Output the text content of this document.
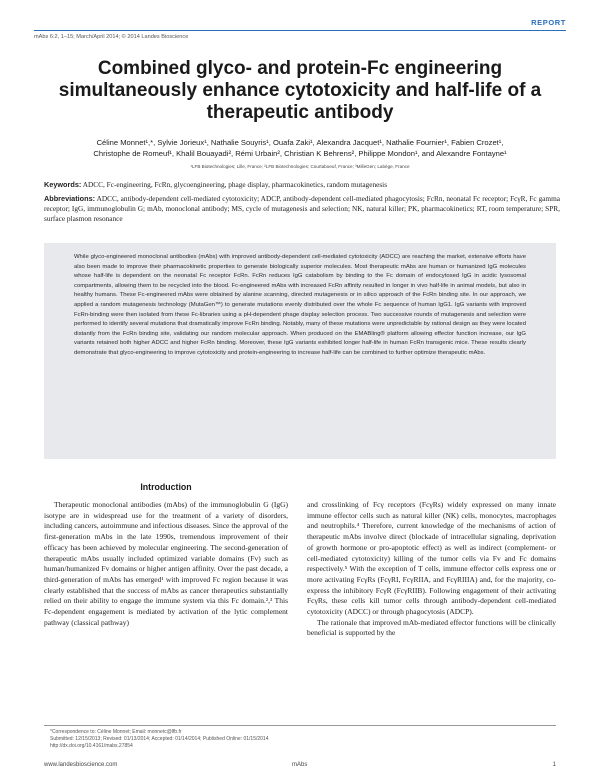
REPORT
mAbs 6:2, 1–15; March/April 2014; © 2014 Landes Bioscience
Combined glyco- and protein-Fc engineering simultaneously enhance cytotoxicity and half-life of a therapeutic antibody
Céline Monnet¹,*, Sylvie Jorieux¹, Nathalie Souyris¹, Ouafa Zaki¹, Alexandra Jacquet¹, Nathalie Fournier¹, Fabien Crozet¹,
Christophe de Romeuf¹, Khalil Bouayadi², Rémi Urbain², Christian K Behrens², Philippe Mondon¹, and Alexandre Fontayne¹
¹LFB Biotechnologies; Lille, France; ²LFB Biotechnologies; Courtaboeuf, France; ³MilleGen; Labège, France
Keywords: ADCC, Fc-engineering, FcRn, glycoengineering, phage display, pharmacokinetics, random mutagenesis
Abbreviations: ADCC, antibody-dependent cell-mediated cytotoxicity; ADCP, antibody-dependent cell-mediated phagocytosis; FcRn, neonatal Fc receptor; FcγR, Fc gamma receptor; IgG, immunoglobulin G; mAb, monoclonal antibody; MS, cycle of mutagenesis and selection; NK, natural killer; PK, pharmacokinetics; RT, room temperature; SPR, surface plasmon resonance

While glyco-engineered monoclonal antibodies (mAbs) with improved antibody-dependent cell-mediated cytotoxicity (ADCC) are reaching the market, extensive efforts have also been made to improve their pharmacokinetic properties to generate biologically superior molecules. Most therapeutic mAbs are human or humanized IgG molecules whose half-life is dependent on the neonatal Fc receptor FcRn. FcRn reduces IgG catabolism by binding to the Fc domain of endocytosed IgG in acidic lysosomal compartments, allowing them to be recycled into the blood. Fc-engineered mAbs with increased FcRn affinity resulted in longer in vivo half-life in animal models, but also in healthy humans. These Fc-engineered mAbs were obtained by alanine scanning, directed mutagenesis or in silico approach of the FcRn binding site. In our approach, we applied a random mutagenesis technology (MutaGen™) to generate mutations evenly distributed over the whole Fc sequence of human IgG1. IgG variants with improved FcRn-binding were then isolated from these Fc-libraries using a pH-dependent phage display selection process. Two successive rounds of mutagenesis and selection were performed to identify several mutations that dramatically improve FcRn binding. Notably, many of these mutations were unpredictable by rational design as they were located distantly from the FcRn binding site, validating our random molecular approach. When produced on the EMABling® platform allowing effector function increase, our IgG variants retained both higher ADCC and higher FcRn binding. Moreover, these IgG variants exhibited longer half-life in human FcRn transgenic mice. These results clearly demonstrate that glyco-engineering to improve cytotoxicity and protein-engineering to increase half-life can be combined to further optimize therapeutic mAbs.

Introduction

Therapeutic monoclonal antibodies (mAbs) of the immunoglobulin G (IgG) isotype are in widespread use for the treatment of a variety of disorders, including cancers, autoimmune and infectious diseases. Since the approval of the first-generation mAbs in the late 1990s, tremendous improvement of their efficacy has been achieved by molecular engineering. The second-generation of therapeutic mAbs usually included optimized variable domains (Fv) such as human/humanized Fv domains or higher antigen affinity. Over the past decade, a third-generation of mAbs has emerged¹ with improved Fc region because it was clearly established that the success of mAbs as cancer therapeutics substantially relied on their ability to engage the immune system via this Fc domain.²,³ This Fc-dependent engagement is mediated by activation of the lytic complement pathway (classical pathway)

and crosslinking of Fcγ receptors (FcγRs) widely expressed on many innate immune effector cells such as natural killer (NK) cells, monocytes, macrophages and neutrophils.⁴ Therefore, current knowledge of the mechanisms of action of therapeutic mAbs involve direct (blockade of intracellular signaling, deprivation of growth hormone or pro-apoptotic effect) as well as indirect (complement- or cell-mediated cytotoxicity) killing of the tumor cells via Fv and Fc domains respectively.⁵ With the exception of T cells, immune effector cells express one or more activating FcγRs (FcγRI, FcγRIIA, and FcγRIIIA) and, for the majority, co-express the inhibitory FcγR (FcγRIIB). Following engagement of their activating FcγRs, these cells kill tumor cells through antibody-dependent cell-mediated cytotoxicity (ADCC) or through phagocytosis (ADCP).

The rationale that improved mAb-mediated effector functions will be clinically beneficial is supported by the

*Correspondence to: Céline Monnet; Email: monnetc@lfb.fr
Submitted: 12/15/2013; Revised: 01/13/2014; Accepted: 01/14/2014; Published Online: 01/15/2014
http://dx.doi.org/10.4161/mabs.27854
www.landesbioscience.com	mAbs	1
